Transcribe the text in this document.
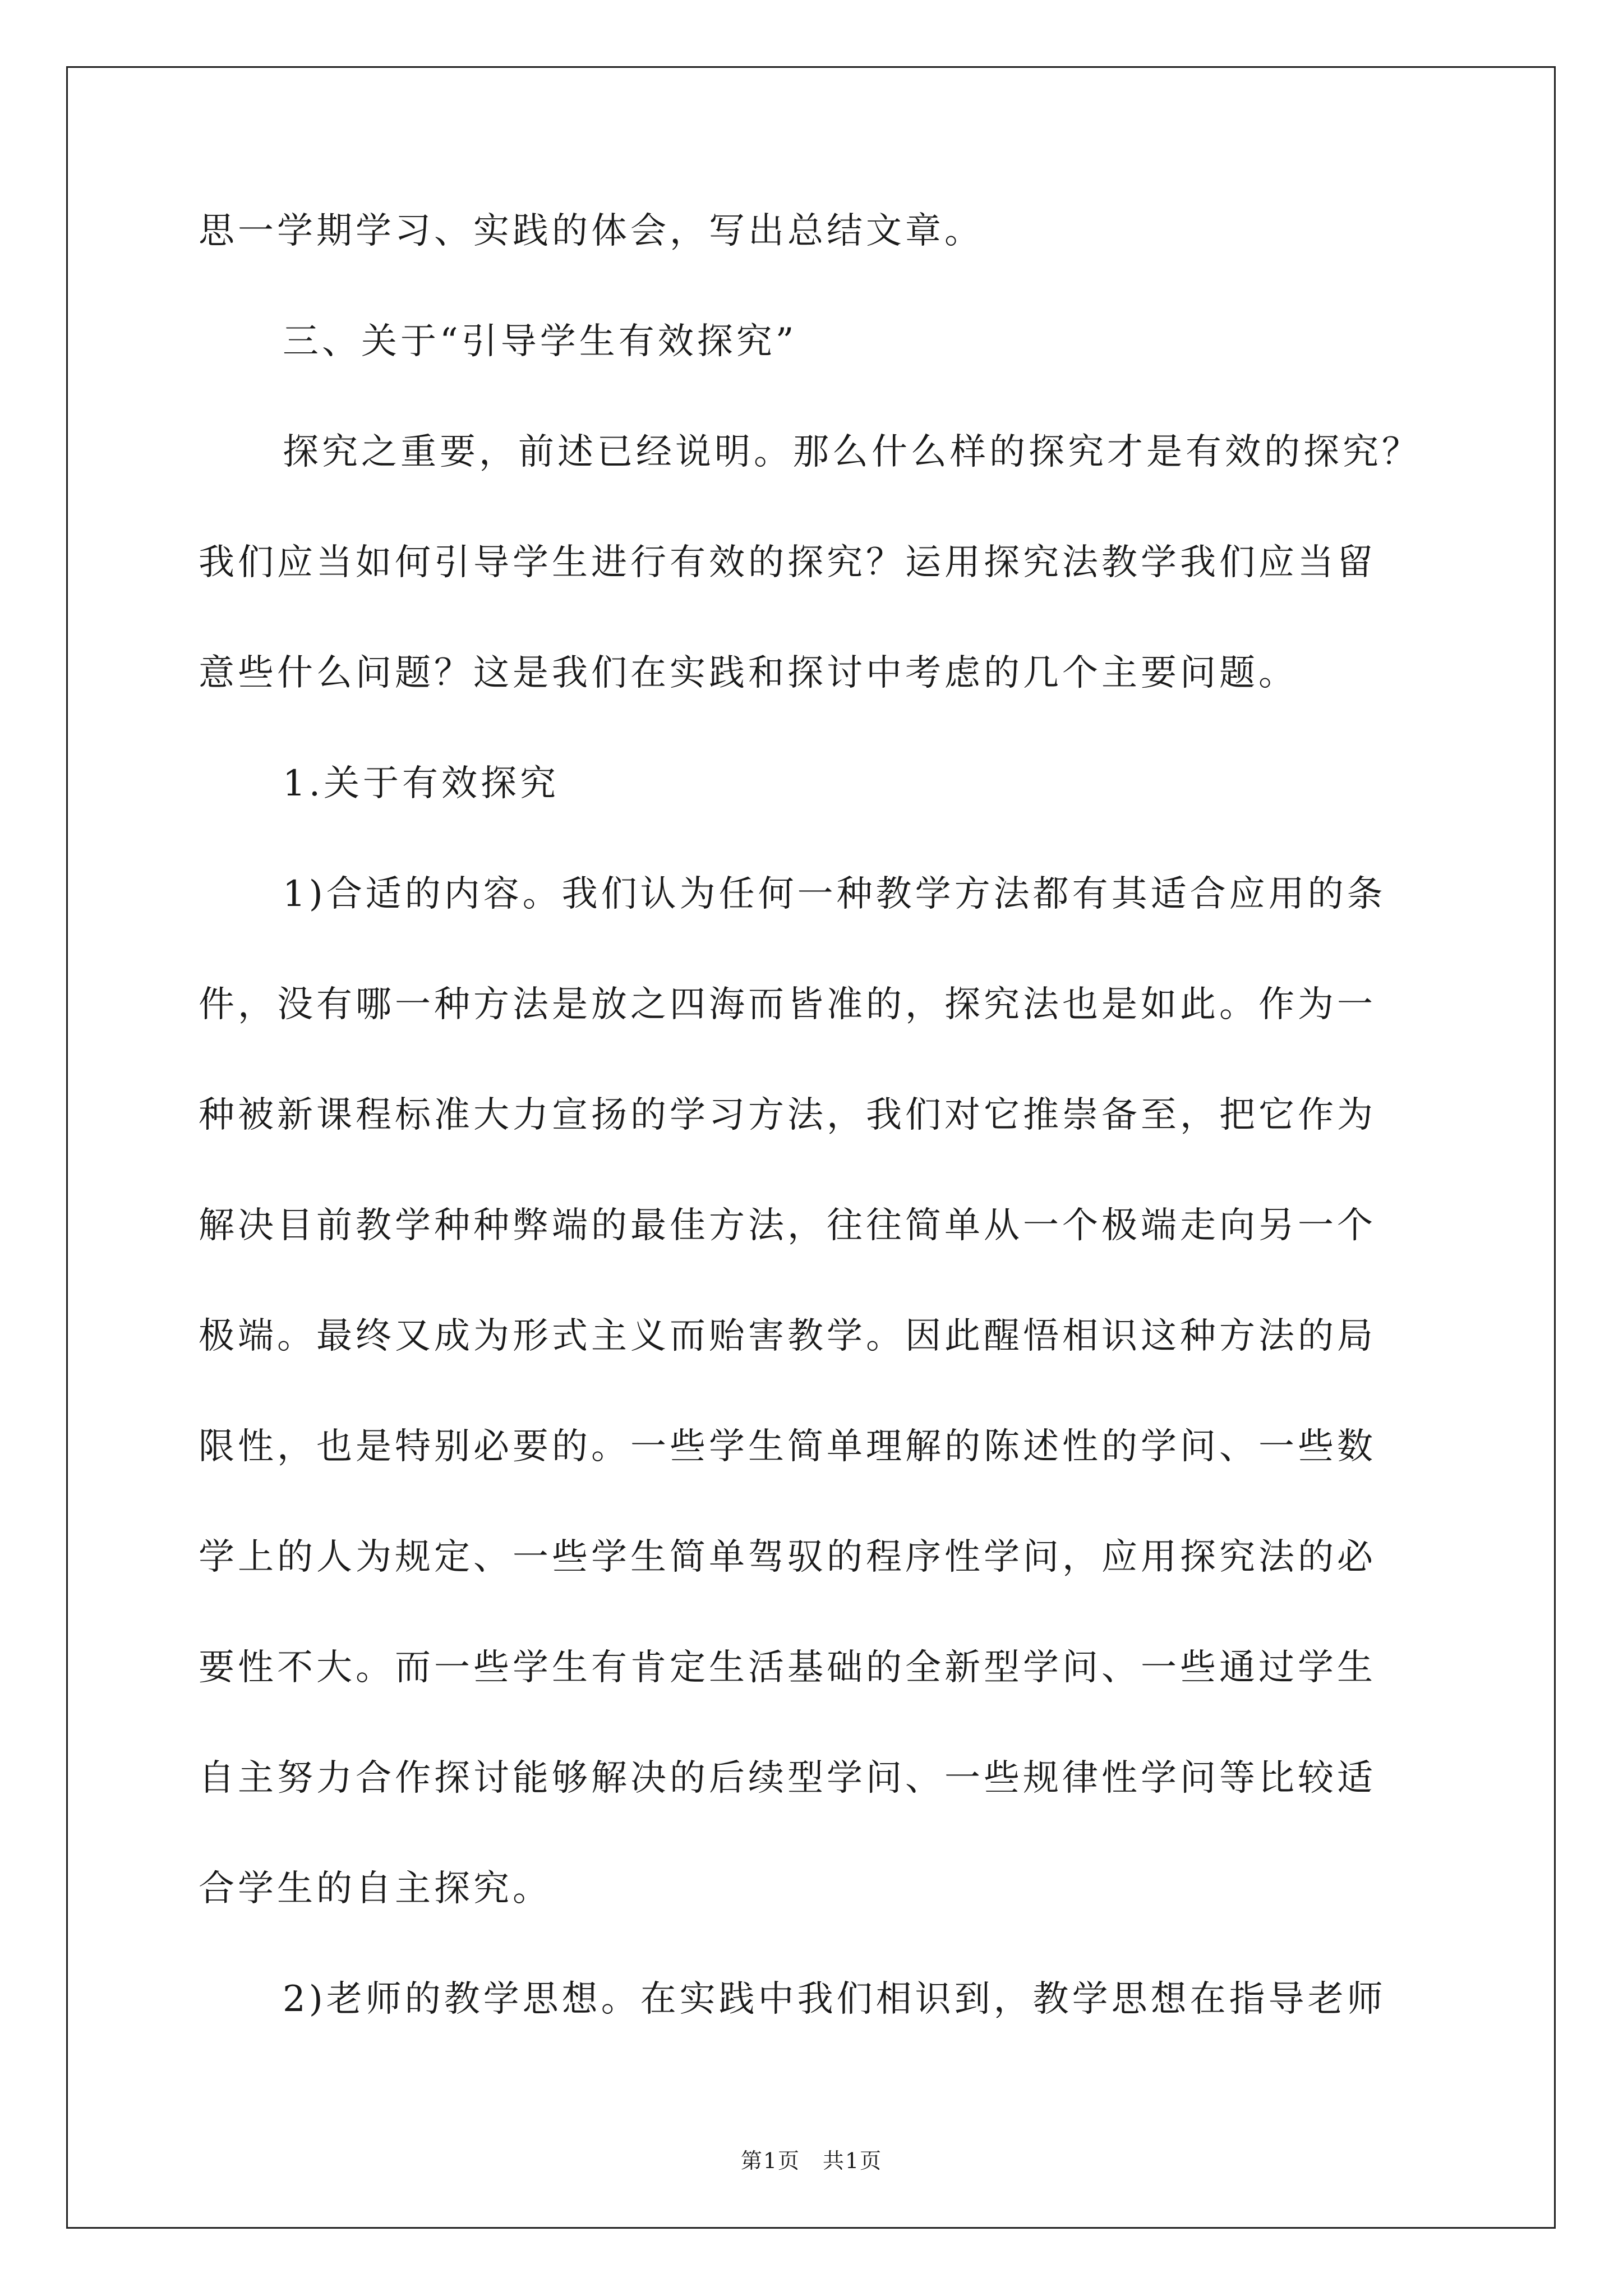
思一学期学习、实践的体会，写出总结文章。
三、关于“引导学生有效探究”
探究之重要，前述已经说明。那么什么样的探究才是有效的探究？
我们应当如何引导学生进行有效的探究？运用探究法教学我们应当留
意些什么问题？这是我们在实践和探讨中考虑的几个主要问题。
1.关于有效探究
1)合适的内容。我们认为任何一种教学方法都有其适合应用的条
件，没有哪一种方法是放之四海而皆准的，探究法也是如此。作为一
种被新课程标准大力宣扬的学习方法，我们对它推崇备至，把它作为
解决目前教学种种弊端的最佳方法，往往简单从一个极端走向另一个
极端。最终又成为形式主义而贻害教学。因此醒悟相识这种方法的局
限性，也是特别必要的。一些学生简单理解的陈述性的学问、一些数
学上的人为规定、一些学生简单驾驭的程序性学问，应用探究法的必
要性不大。而一些学生有肯定生活基础的全新型学问、一些通过学生
自主努力合作探讨能够解决的后续型学问、一些规律性学问等比较适
合学生的自主探究。
2)老师的教学思想。在实践中我们相识到，教学思想在指导老师
第1页　共1页
